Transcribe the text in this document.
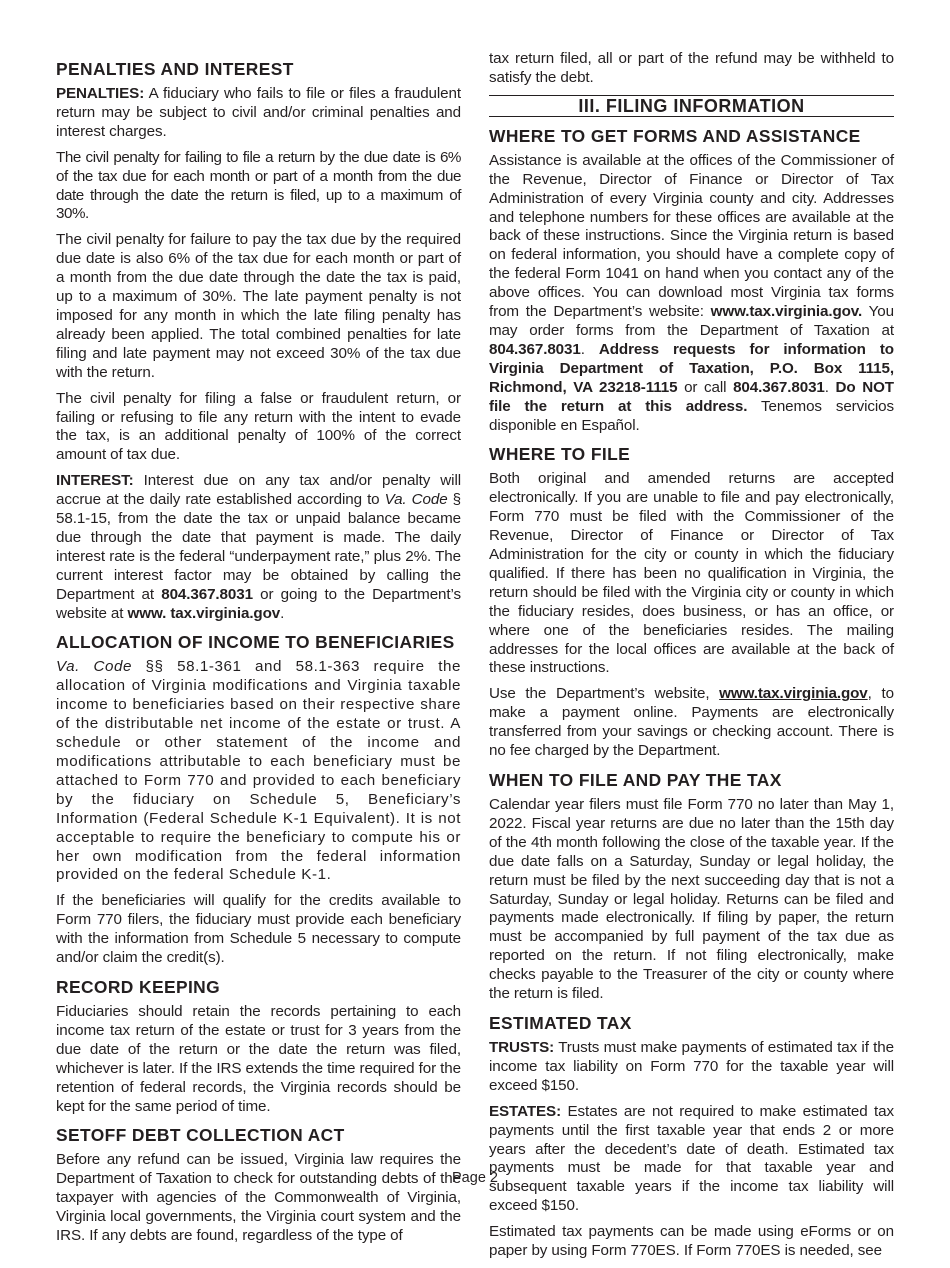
PENALTIES AND INTEREST

PENALTIES: A fiduciary who fails to file or files a fraudulent return may be subject to civil and/or criminal penalties and interest charges.

The civil penalty for failing to file a return by the due date is 6% of the tax due for each month or part of a month from the due date through the date the return is filed, up to a maximum of 30%.

The civil penalty for failure to pay the tax due by the required due date is also 6% of the tax due for each month or part of a month from the due date through the date the tax is paid, up to a maximum of 30%. The late payment penalty is not imposed for any month in which the late filing penalty has already been applied. The total combined penalties for late filing and late payment may not exceed 30% of the tax due with the return.

The civil penalty for filing a false or fraudulent return, or failing or refusing to file any return with the intent to evade the tax, is an additional penalty of 100% of the correct amount of tax due.

INTEREST: Interest due on any tax and/or penalty will accrue at the daily rate established according to Va. Code § 58.1-15, from the date the tax or unpaid balance became due through the date that payment is made. The daily interest rate is the federal “underpayment rate,” plus 2%. The current interest factor may be obtained by calling the Department at 804.367.8031 or going to the Department’s website at www. tax.virginia.gov.

ALLOCATION OF INCOME TO BENEFICIARIES

Va. Code §§ 58.1-361 and 58.1-363 require the allocation of Virginia modifications and Virginia taxable income to beneficiaries based on their respective share of the distributable net income of the estate or trust. A schedule or other statement of the income and modifications attributable to each beneficiary must be attached to Form 770 and provided to each beneficiary by the fiduciary on Schedule 5, Beneficiary’s Information (Federal Schedule K-1 Equivalent). It is not acceptable to require the beneficiary to compute his or her own modification from the federal information provided on the federal Schedule K-1.

If the beneficiaries will qualify for the credits available to Form 770 filers, the fiduciary must provide each beneficiary with the information from Schedule 5 necessary to compute and/or claim the credit(s).

RECORD KEEPING

Fiduciaries should retain the records pertaining to each income tax return of the estate or trust for 3 years from the due date of the return or the date the return was filed, whichever is later. If the IRS extends the time required for the retention of federal records, the Virginia records should be kept for the same period of time.

SETOFF DEBT COLLECTION ACT

Before any refund can be issued, Virginia law requires the Department of Taxation to check for outstanding debts of the taxpayer with agencies of the Commonwealth of Virginia, Virginia local governments, the Virginia court system and the IRS. If any debts are found, regardless of the type of

tax return filed, all or part of the refund may be withheld to satisfy the debt.

III. FILING INFORMATION
WHERE TO GET FORMS AND ASSISTANCE

Assistance is available at the offices of the Commissioner of the Revenue, Director of Finance or Director of Tax Administration of every Virginia county and city. Addresses and telephone numbers for these offices are available at the back of these instructions. Since the Virginia return is based on federal information, you should have a complete copy of the federal Form 1041 on hand when you contact any of the above offices. You can download most Virginia tax forms from the Department’s website: www.tax.virginia.gov. You may order forms from the Department of Taxation at 804.367.8031. Address requests for information to Virginia Department of Taxation, P.O. Box 1115, Richmond, VA 23218-1115 or call 804.367.8031. Do NOT file the return at this address. Tenemos servicios disponible en Español.

WHERE TO FILE

Both original and amended returns are accepted electronically. If you are unable to file and pay electronically, Form 770 must be filed with the Commissioner of the Revenue, Director of Finance or Director of Tax Administration for the city or county in which the fiduciary qualified. If there has been no qualification in Virginia, the return should be filed with the Virginia city or county in which the fiduciary resides, does business, or has an office, or where one of the beneficiaries resides. The mailing addresses for the local offices are available at the back of these instructions.

Use the Department’s website, www.tax.virginia.gov, to make a payment online. Payments are electronically transferred from your savings or checking account. There is no fee charged by the Department.

WHEN TO FILE AND PAY THE TAX

Calendar year filers must file Form 770 no later than May 1, 2022. Fiscal year returns are due no later than the 15th day of the 4th month following the close of the taxable year. If the due date falls on a Saturday, Sunday or legal holiday, the return must be filed by the next succeeding day that is not a Saturday, Sunday or legal holiday. Returns can be filed and payments made electronically. If filing by paper, the return must be accompanied by full payment of the tax due as reported on the return. If not filing electronically, make checks payable to the Treasurer of the city or county where the return is filed.

ESTIMATED TAX

TRUSTS: Trusts must make payments of estimated tax if the income tax liability on Form 770 for the taxable year will exceed $150.

ESTATES: Estates are not required to make estimated tax payments until the first taxable year that ends 2 or more years after the decedent’s date of death. Estimated tax payments must be made for that taxable year and subsequent taxable years if the income tax liability will exceed $150.

Estimated tax payments can be made using eForms or on paper by using Form 770ES. If Form 770ES is needed, see

Page 2
